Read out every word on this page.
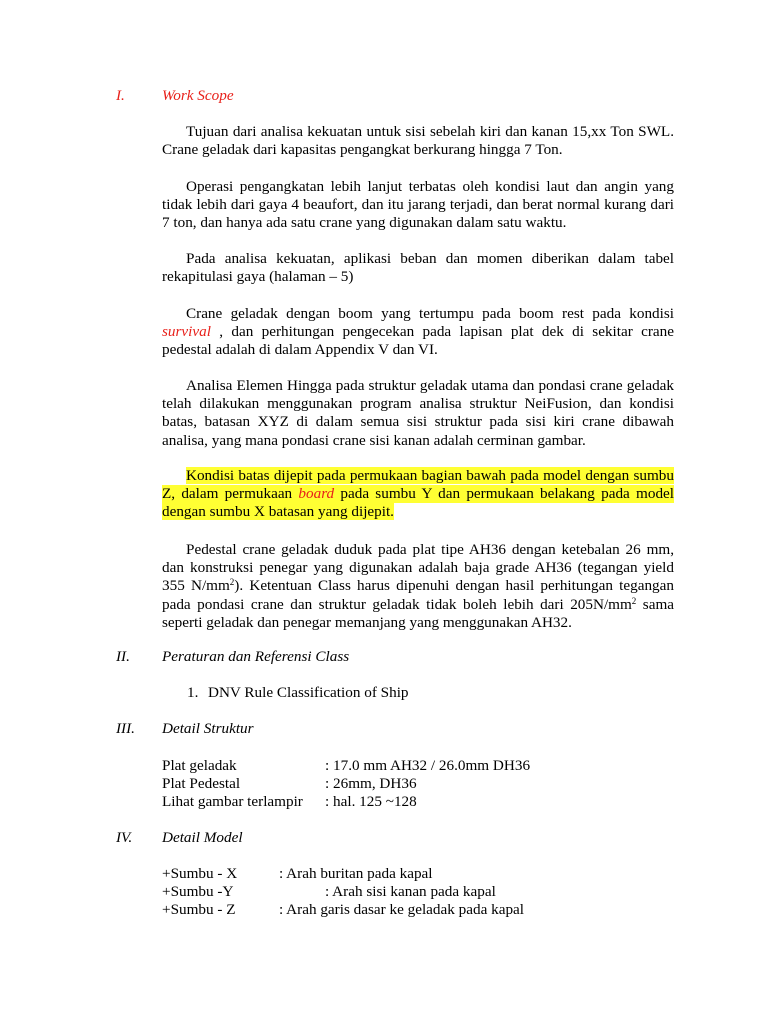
I. Work Scope
Tujuan dari analisa kekuatan untuk sisi sebelah kiri dan kanan 15,xx Ton SWL.
Crane geladak dari kapasitas pengangkat berkurang hingga 7 Ton.
Operasi pengangkatan lebih lanjut terbatas oleh kondisi laut dan angin yang
tidak lebih dari gaya 4 beaufort, dan itu jarang terjadi, dan berat normal kurang dari
7 ton, dan hanya ada satu crane yang digunakan dalam satu waktu.
Pada analisa kekuatan, aplikasi beban dan momen diberikan dalam tabel
rekapitulasi gaya (halaman – 5)
Crane geladak dengan boom yang tertumpu pada boom rest pada kondisi
survival , dan perhitungan pengecekan pada lapisan plat dek di sekitar crane
pedestal adalah di dalam Appendix V dan VI.
Analisa Elemen Hingga pada struktur geladak utama dan pondasi crane geladak
telah dilakukan menggunakan program analisa struktur NeiFusion, dan kondisi
batas, batasan XYZ di dalam semua sisi struktur pada sisi kiri crane dibawah
analisa, yang mana pondasi crane sisi kanan adalah cerminan gambar.
Kondisi batas dijepit pada permukaan bagian bawah pada model dengan sumbu
Z, dalam permukaan board pada sumbu Y dan permukaan belakang pada model
dengan sumbu X batasan yang dijepit.
Pedestal crane geladak duduk pada plat tipe AH36 dengan ketebalan 26 mm,
dan konstruksi penegar yang digunakan adalah baja grade AH36 (tegangan yield
355 $N/mm^2$). Ketentuan Class harus dipenuhi dengan hasil perhitungan tegangan
pada pondasi crane dan struktur geladak tidak boleh lebih dari $205N/mm^2$ sama
seperti geladak dan penegar memanjang yang menggunakan AH32.
II. Peraturan dan Referensi Class
1. DNV Rule Classification of Ship
III. Detail Struktur
Plat geladak	: 17.0 mm AH32 / 26.0mm DH36
Plat Pedestal	: 26mm, DH36
Lihat gambar terlampir : hal. 125 ~128
IV. Detail Model
+Sumbu - X	: Arah buritan pada kapal
+Sumbu -Y	: Arah sisi kanan pada kapal
+Sumbu - Z	: Arah garis dasar ke geladak pada kapal
